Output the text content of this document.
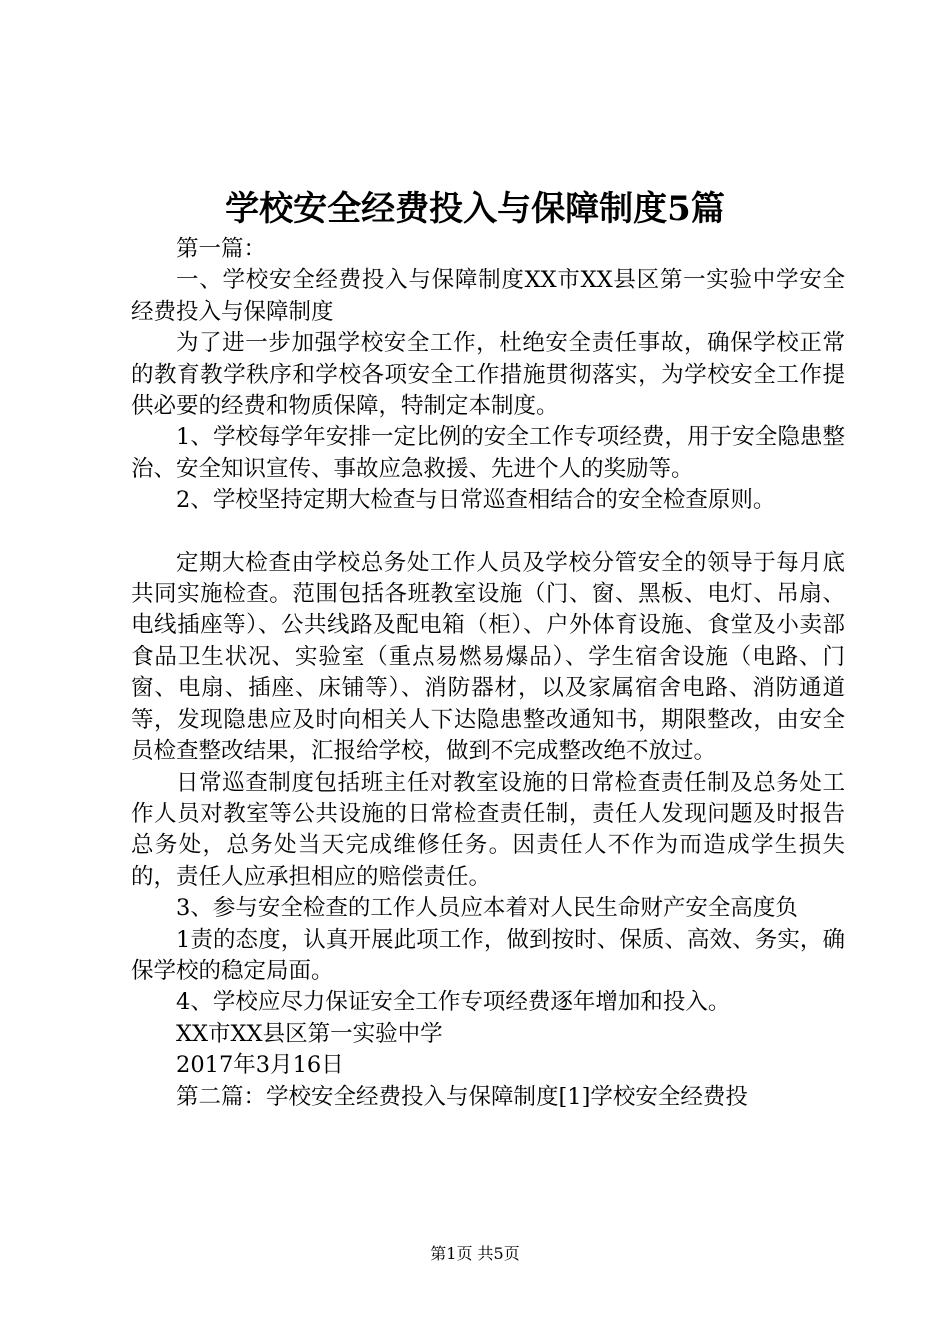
学校安全经费投入与保障制度5篇

第一篇：

一、学校安全经费投入与保障制度XX市XX县区第一实验中学安全经费投入与保障制度

为了进一步加强学校安全工作，杜绝安全责任事故，确保学校正常的教育教学秩序和学校各项安全工作措施贯彻落实，为学校安全工作提供必要的经费和物质保障，特制定本制度。

1、学校每学年安排一定比例的安全工作专项经费，用于安全隐患整治、安全知识宣传、事故应急救援、先进个人的奖励等。

2、学校坚持定期大检查与日常巡查相结合的安全检查原则。

定期大检查由学校总务处工作人员及学校分管安全的领导于每月底共同实施检查。范围包括各班教室设施（门、窗、黑板、电灯、吊扇、电线插座等）、公共线路及配电箱（柜）、户外体育设施、食堂及小卖部食品卫生状况、实验室（重点易燃易爆品）、学生宿舍设施（电路、门窗、电扇、插座、床铺等）、消防器材，以及家属宿舍电路、消防通道等，发现隐患应及时向相关人下达隐患整改通知书，期限整改，由安全员检查整改结果，汇报给学校，做到不完成整改绝不放过。

日常巡查制度包括班主任对教室设施的日常检查责任制及总务处工作人员对教室等公共设施的日常检查责任制，责任人发现问题及时报告总务处，总务处当天完成维修任务。因责任人不作为而造成学生损失的，责任人应承担相应的赔偿责任。

3、参与安全检查的工作人员应本着对人民生命财产安全高度负

1责的态度，认真开展此项工作，做到按时、保质、高效、务实，确保学校的稳定局面。

4、学校应尽力保证安全工作专项经费逐年增加和投入。

XX市XX县区第一实验中学

2017年3月16日

第二篇：学校安全经费投入与保障制度[1]学校安全经费投

第1页 共5页
